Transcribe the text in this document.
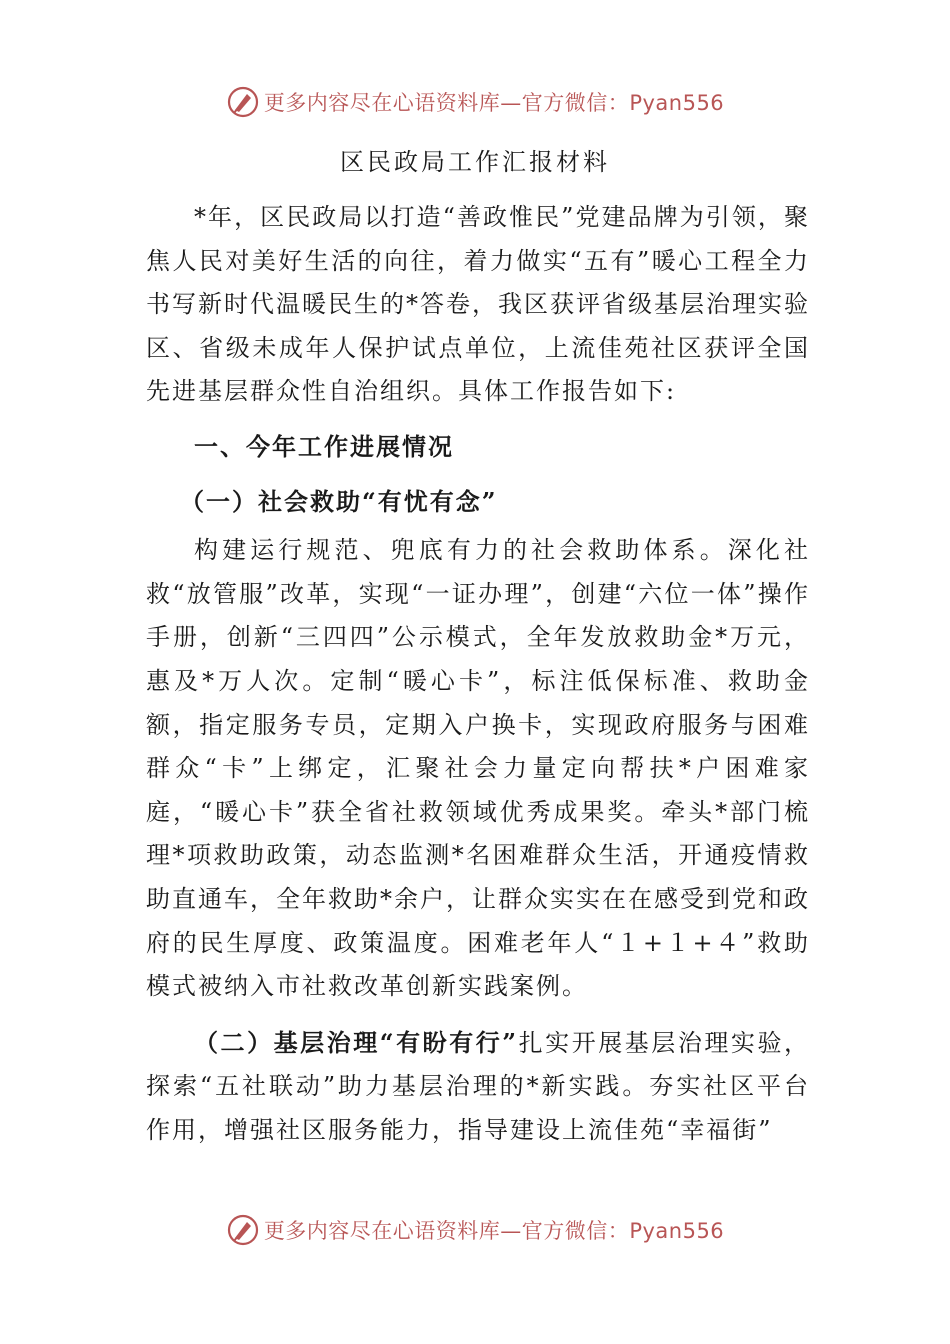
更多内容尽在心语资料库—官方微信：Pyan556
区民政局工作汇报材料

*年，区民政局以打造“善政惟民”党建品牌为引领，聚焦人民对美好生活的向往，着力做实“五有”暖心工程全力书写新时代温暖民生的*答卷，我区获评省级基层治理实验区、省级未成年人保护试点单位，上流佳苑社区获评全国先进基层群众性自治组织。具体工作报告如下:

一、今年工作进展情况
（一）社会救助“有忧有念”

构建运行规范、兜底有力的社会救助体系。深化社救“放管服”改革，实现“一证办理”，创建“六位一体”操作手册，创新“三四四”公示模式，全年发放救助金*万元，惠及*万人次。定制“暖心卡”，标注低保标准、救助金额，指定服务专员，定期入户换卡，实现政府服务与困难群众“卡”上绑定，汇聚社会力量定向帮扶*户困难家庭，“暖心卡”获全省社救领域优秀成果奖。牵头*部门梳理*项救助政策，动态监测*名困难群众生活，开通疫情救助直通车，全年救助*余户，让群众实实在在感受到党和政府的民生厚度、政策温度。困难老年人“１+１+４”救助模式被纳入市社救改革创新实践案例。

（二）基层治理“有盼有行”扎实开展基层治理实验，探索“五社联动”助力基层治理的*新实践。夯实社区平台作用，增强社区服务能力，指导建设上流佳苑“幸福街”

更多内容尽在心语资料库—官方微信：Pyan556
